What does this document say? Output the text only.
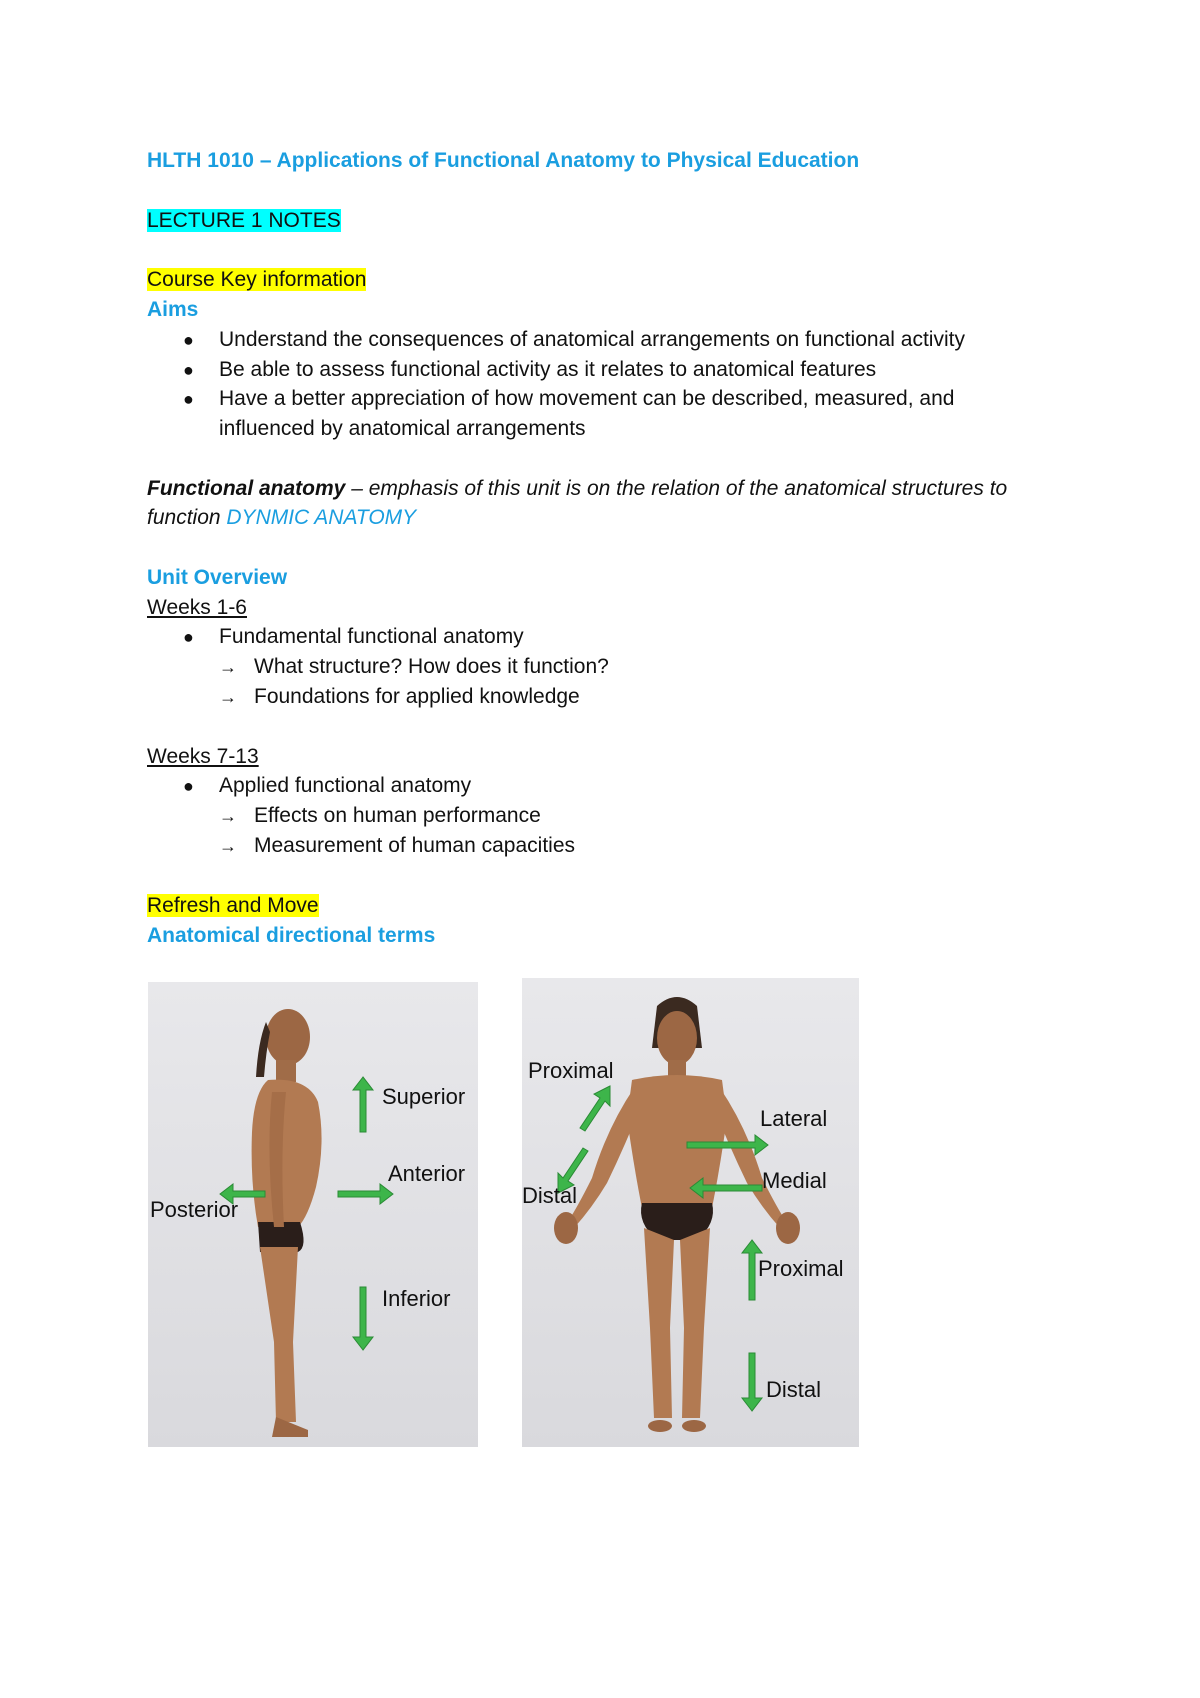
HLTH 1010 – Applications of Functional Anatomy to Physical Education
LECTURE 1 NOTES
Course Key information
Aims
● Understand the consequences of anatomical arrangements on functional activity
● Be able to assess functional activity as it relates to anatomical features
● Have a better appreciation of how movement can be described, measured, and
influenced by anatomical arrangements
Functional anatomy – emphasis of this unit is on the relation of the anatomical structures to
function DYNMIC ANATOMY
Unit Overview
Weeks 1-6
● Fundamental functional anatomy
→ What structure? How does it function?
→ Foundations for applied knowledge
Weeks 7-13
● Applied functional anatomy
→ Effects on human performance
→ Measurement of human capacities
Refresh and Move
Anatomical directional terms
Superior
Anterior
Posterior
Inferior
Proximal
Lateral
Distal
Medial
Proximal
Distal
